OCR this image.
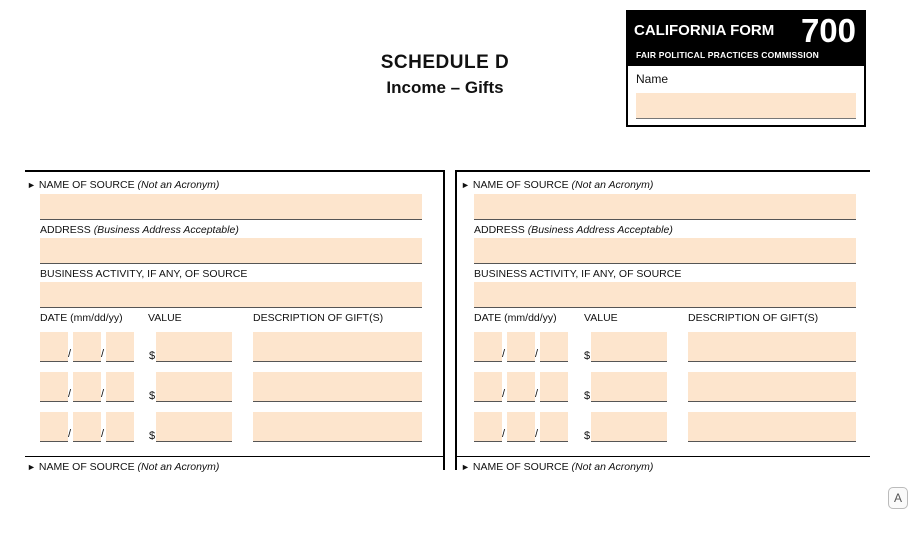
SCHEDULE D
Income – Gifts
CALIFORNIA FORM 700
FAIR POLITICAL PRACTICES COMMISSION
Name
► NAME OF SOURCE (Not an Acronym)
ADDRESS (Business Address Acceptable)
BUSINESS ACTIVITY, IF ANY, OF SOURCE
DATE (mm/dd/yy) VALUE	DESCRIPTION OF GIFT(S)
/	/	$
/	/	$
/	/	$
► NAME OF SOURCE (Not an Acronym)
► NAME OF SOURCE (Not an Acronym)
ADDRESS (Business Address Acceptable)
BUSINESS ACTIVITY, IF ANY, OF SOURCE
DATE (mm/dd/yy)	VALUE	DESCRIPTION OF GIFT(S)
/	/	$
/	/	$
/	/	$
► NAME OF SOURCE (Not an Acronym)
A
